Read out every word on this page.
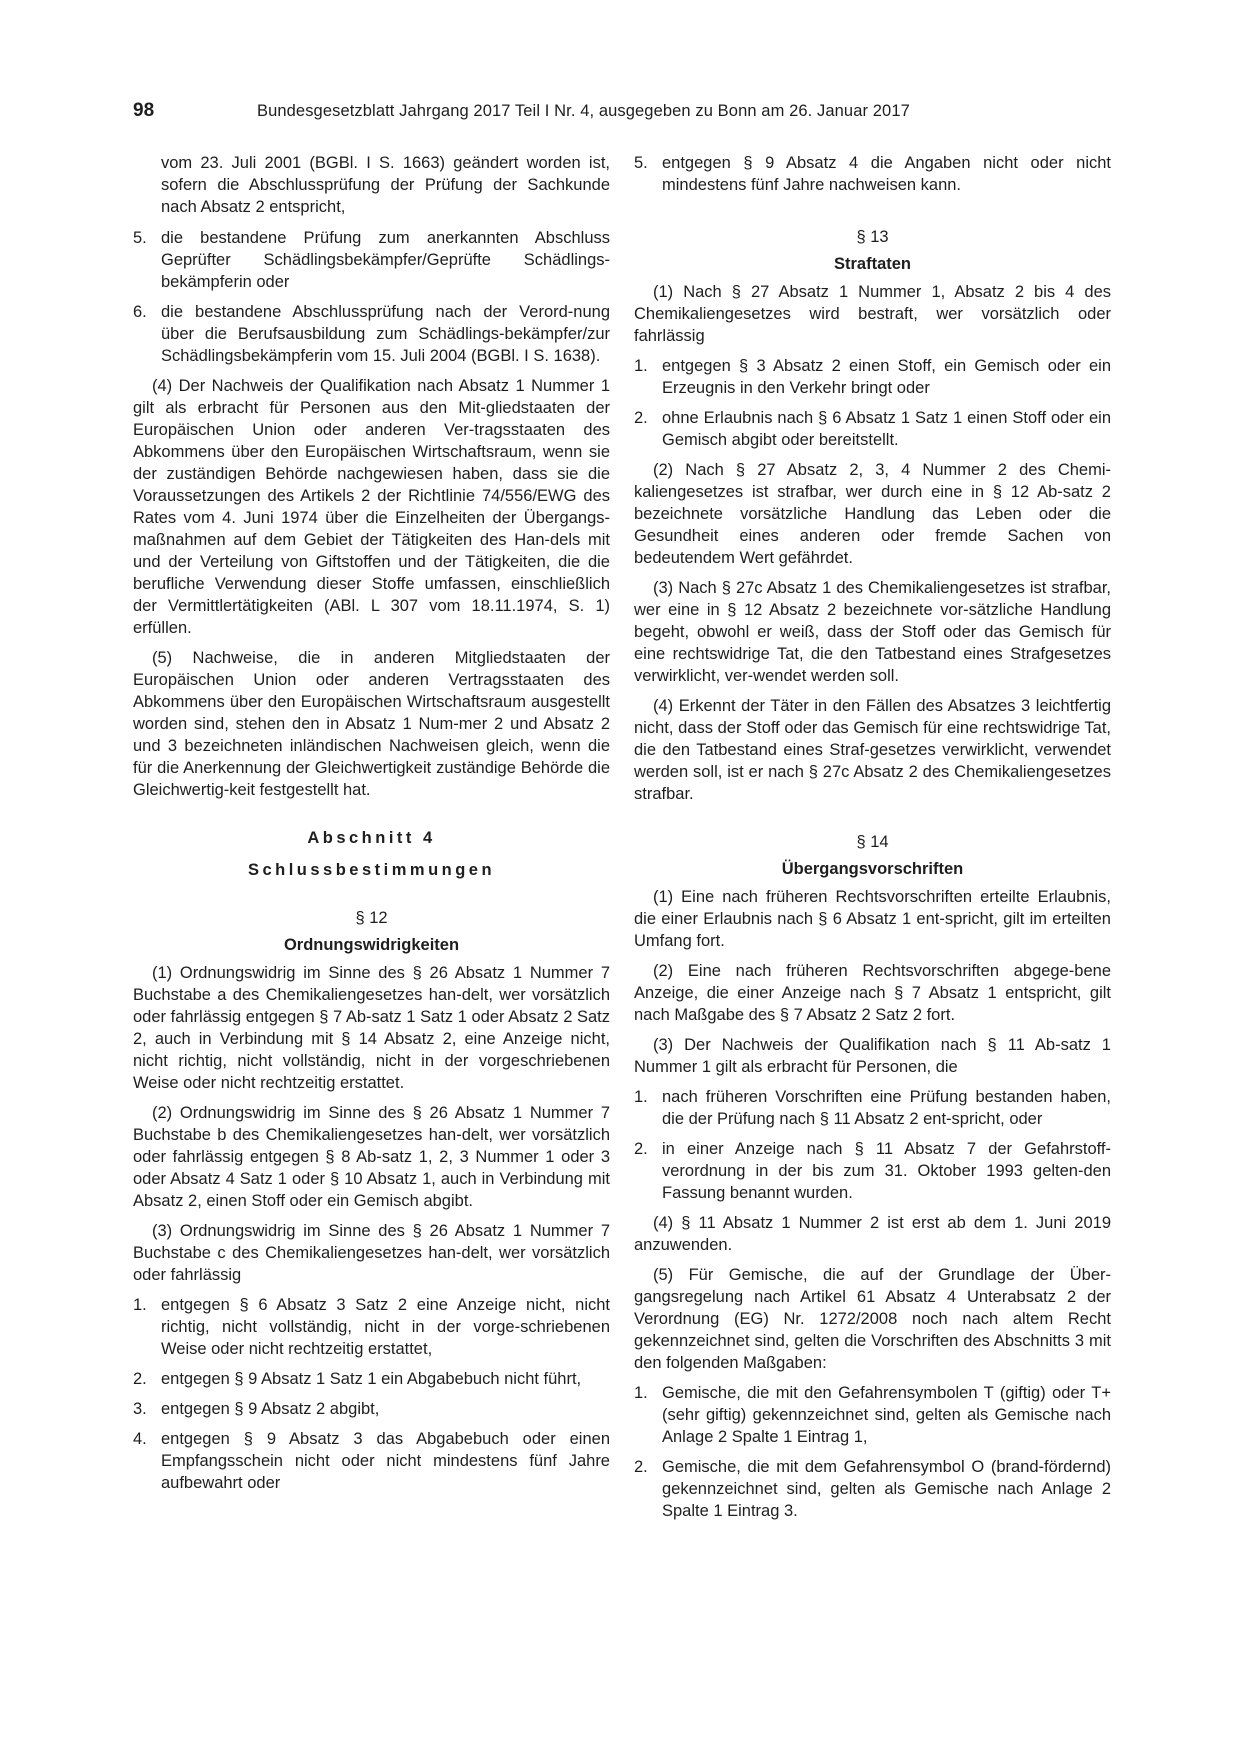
98	Bundesgesetzblatt Jahrgang 2017 Teil I Nr. 4, ausgegeben zu Bonn am 26. Januar 2017

vom 23. Juli 2001 (BGBl. I S. 1663) geändert worden ist, sofern die Abschlussprüfung der Prüfung der Sachkunde nach Absatz 2 entspricht,

5. die bestandene Prüfung zum anerkannten Abschluss Geprüfter Schädlingsbekämpfer/Geprüfte Schädlings-bekämpferin oder

6. die bestandene Abschlussprüfung nach der Verord-nung über die Berufsausbildung zum Schädlings-bekämpfer/zur Schädlingsbekämpferin vom 15. Juli 2004 (BGBl. I S. 1638).

(4) Der Nachweis der Qualifikation nach Absatz 1 Nummer 1 gilt als erbracht für Personen aus den Mit-gliedstaaten der Europäischen Union oder anderen Ver-tragsstaaten des Abkommens über den Europäischen Wirtschaftsraum, wenn sie der zuständigen Behörde nachgewiesen haben, dass sie die Voraussetzungen des Artikels 2 der Richtlinie 74/556/EWG des Rates vom 4. Juni 1974 über die Einzelheiten der Übergangs-maßnahmen auf dem Gebiet der Tätigkeiten des Han-dels mit und der Verteilung von Giftstoffen und der Tätigkeiten, die die berufliche Verwendung dieser Stoffe umfassen, einschließlich der Vermittlertätigkeiten (ABl. L 307 vom 18.11.1974, S. 1) erfüllen.

(5) Nachweise, die in anderen Mitgliedstaaten der Europäischen Union oder anderen Vertragsstaaten des Abkommens über den Europäischen Wirtschaftsraum ausgestellt worden sind, stehen den in Absatz 1 Num-mer 2 und Absatz 2 und 3 bezeichneten inländischen Nachweisen gleich, wenn die für die Anerkennung der Gleichwertigkeit zuständige Behörde die Gleichwertig-keit festgestellt hat.

Abschnitt 4
Schlussbestimmungen
§ 12
Ordnungswidrigkeiten

(1) Ordnungswidrig im Sinne des § 26 Absatz 1 Nummer 7 Buchstabe a des Chemikaliengesetzes han-delt, wer vorsätzlich oder fahrlässig entgegen § 7 Ab-satz 1 Satz 1 oder Absatz 2 Satz 2, auch in Verbindung mit § 14 Absatz 2, eine Anzeige nicht, nicht richtig, nicht vollständig, nicht in der vorgeschriebenen Weise oder nicht rechtzeitig erstattet.

(2) Ordnungswidrig im Sinne des § 26 Absatz 1 Nummer 7 Buchstabe b des Chemikaliengesetzes han-delt, wer vorsätzlich oder fahrlässig entgegen § 8 Ab-satz 1, 2, 3 Nummer 1 oder 3 oder Absatz 4 Satz 1 oder § 10 Absatz 1, auch in Verbindung mit Absatz 2, einen Stoff oder ein Gemisch abgibt.

(3) Ordnungswidrig im Sinne des § 26 Absatz 1 Nummer 7 Buchstabe c des Chemikaliengesetzes han-delt, wer vorsätzlich oder fahrlässig

1. entgegen § 6 Absatz 3 Satz 2 eine Anzeige nicht, nicht richtig, nicht vollständig, nicht in der vorge-schriebenen Weise oder nicht rechtzeitig erstattet,

2. entgegen § 9 Absatz 1 Satz 1 ein Abgabebuch nicht führt,

3. entgegen § 9 Absatz 2 abgibt,

4. entgegen § 9 Absatz 3 das Abgabebuch oder einen Empfangsschein nicht oder nicht mindestens fünf Jahre aufbewahrt oder

5. entgegen § 9 Absatz 4 die Angaben nicht oder nicht mindestens fünf Jahre nachweisen kann.

§ 13
Straftaten

(1) Nach § 27 Absatz 1 Nummer 1, Absatz 2 bis 4 des Chemikaliengesetzes wird bestraft, wer vorsätzlich oder fahrlässig

1. entgegen § 3 Absatz 2 einen Stoff, ein Gemisch oder ein Erzeugnis in den Verkehr bringt oder

2. ohne Erlaubnis nach § 6 Absatz 1 Satz 1 einen Stoff oder ein Gemisch abgibt oder bereitstellt.

(2) Nach § 27 Absatz 2, 3, 4 Nummer 2 des Chemi-kaliengesetzes ist strafbar, wer durch eine in § 12 Ab-satz 2 bezeichnete vorsätzliche Handlung das Leben oder die Gesundheit eines anderen oder fremde Sachen von bedeutendem Wert gefährdet.

(3) Nach § 27c Absatz 1 des Chemikaliengesetzes ist strafbar, wer eine in § 12 Absatz 2 bezeichnete vor-sätzliche Handlung begeht, obwohl er weiß, dass der Stoff oder das Gemisch für eine rechtswidrige Tat, die den Tatbestand eines Strafgesetzes verwirklicht, ver-wendet werden soll.

(4) Erkennt der Täter in den Fällen des Absatzes 3 leichtfertig nicht, dass der Stoff oder das Gemisch für eine rechtswidrige Tat, die den Tatbestand eines Straf-gesetzes verwirklicht, verwendet werden soll, ist er nach § 27c Absatz 2 des Chemikaliengesetzes strafbar.

§ 14
Übergangsvorschriften

(1) Eine nach früheren Rechtsvorschriften erteilte Erlaubnis, die einer Erlaubnis nach § 6 Absatz 1 ent-spricht, gilt im erteilten Umfang fort.

(2) Eine nach früheren Rechtsvorschriften abgege-bene Anzeige, die einer Anzeige nach § 7 Absatz 1 entspricht, gilt nach Maßgabe des § 7 Absatz 2 Satz 2 fort.

(3) Der Nachweis der Qualifikation nach § 11 Ab-satz 1 Nummer 1 gilt als erbracht für Personen, die

1. nach früheren Vorschriften eine Prüfung bestanden haben, die der Prüfung nach § 11 Absatz 2 ent-spricht, oder

2. in einer Anzeige nach § 11 Absatz 7 der Gefahrstoff-verordnung in der bis zum 31. Oktober 1993 gelten-den Fassung benannt wurden.

(4) § 11 Absatz 1 Nummer 2 ist erst ab dem 1. Juni 2019 anzuwenden.

(5) Für Gemische, die auf der Grundlage der Über-gangsregelung nach Artikel 61 Absatz 4 Unterabsatz 2 der Verordnung (EG) Nr. 1272/2008 noch nach altem Recht gekennzeichnet sind, gelten die Vorschriften des Abschnitts 3 mit den folgenden Maßgaben:

1. Gemische, die mit den Gefahrensymbolen T (giftig) oder T+ (sehr giftig) gekennzeichnet sind, gelten als Gemische nach Anlage 2 Spalte 1 Eintrag 1,

2. Gemische, die mit dem Gefahrensymbol O (brand-fördernd) gekennzeichnet sind, gelten als Gemische nach Anlage 2 Spalte 1 Eintrag 3.
